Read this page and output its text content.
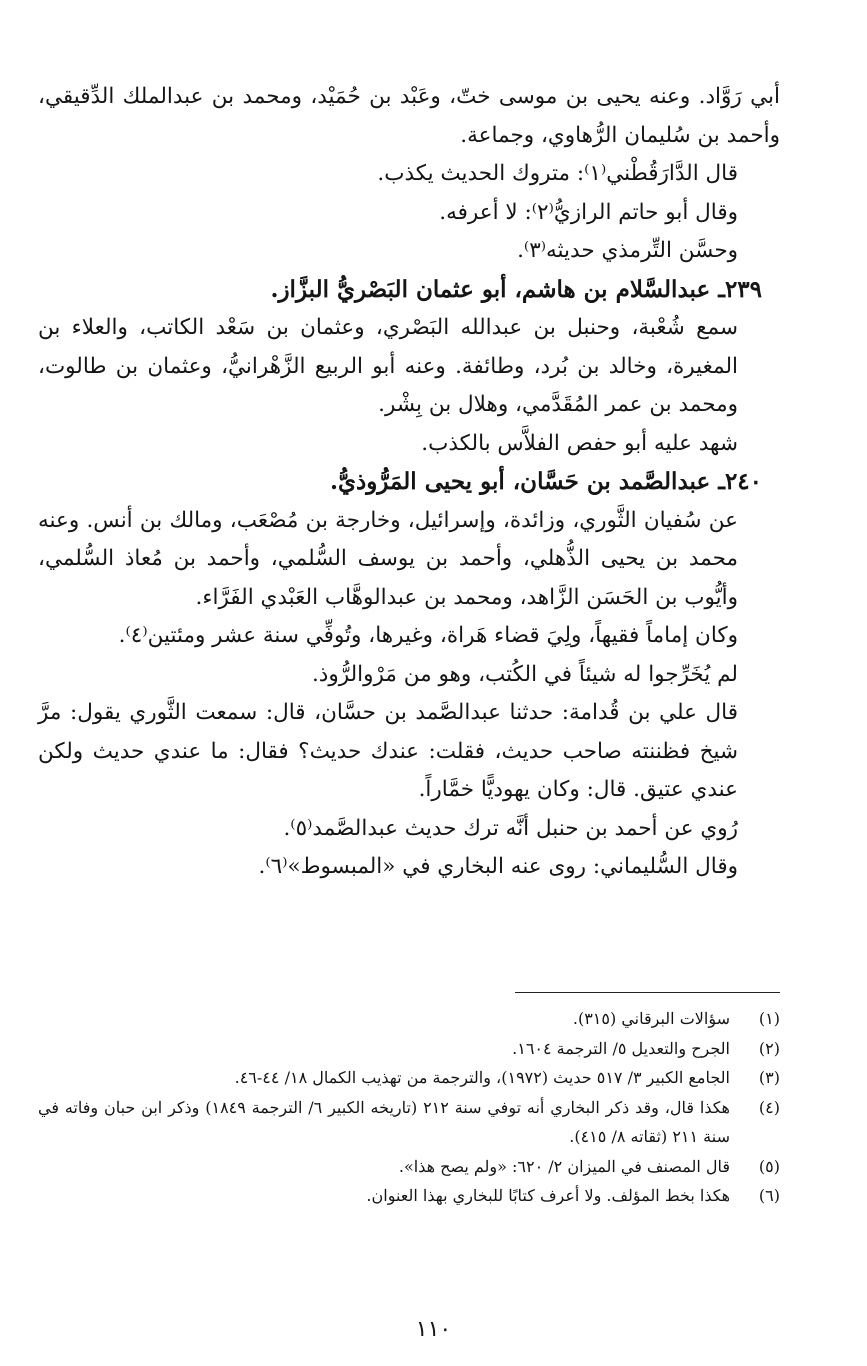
أبي رَوَّاد. وعنه يحيى بن موسى ختّ، وعَبْد بن حُمَيْد، ومحمد بن عبدالملك الدِّقيقي، وأحمد بن سُليمان الرُّهاوي، وجماعة.

قال الدَّارَقُطْني⁽١⁾: متروك الحديث يكذب.

وقال أبو حاتم الرازيُّ⁽٢⁾: لا أعرفه.

وحسَّن التِّرمذي حديثه⁽٣⁾.

٢٣٩ـ عبدالسَّلام بن هاشم، أبو عثمان البَصْريُّ البزَّاز.

سمع شُعْبة، وحنبل بن عبدالله البَصْري، وعثمان بن سَعْد الكاتب، والعلاء بن المغيرة، وخالد بن بُرد، وطائفة. وعنه أبو الربيع الزَّهْرانيُّ، وعثمان بن طالوت، ومحمد بن عمر المُقَدَّمي، وهلال بن بِشْر.

شهد عليه أبو حفص الفلاَّس بالكذب.

٢٤٠ـ عبدالصَّمد بن حَسَّان، أبو يحيى المَرُّوذيُّ.

عن سُفيان الثَّوري، وزائدة، وإسرائيل، وخارجة بن مُصْعَب، ومالك بن أنس. وعنه محمد بن يحيى الذُّهلي، وأحمد بن يوسف السُّلمي، وأحمد بن مُعاذ السُّلمي، وأيُّوب بن الحَسَن الزَّاهد، ومحمد بن عبدالوهَّاب العَبْدي الفَرَّاء.

وكان إماماً فقيهاً، ولِيَ قضاء هَراة، وغيرها، وتُوفِّي سنة عشر ومئتين⁽٤⁾.

لم يُخَرِّجوا له شيئاً في الكُتب، وهو من مَرْوالرُّوذ.

قال علي بن قُدامة: حدثنا عبدالصَّمد بن حسَّان، قال: سمعت الثَّوري يقول: مرَّ شيخ فظننته صاحب حديث، فقلت: عندك حديث؟ فقال: ما عندي حديث ولكن عندي عتيق. قال: وكان يهوديًّا خمَّاراً.

رُوي عن أحمد بن حنبل أنَّه ترك حديث عبدالصَّمد⁽٥⁾.

وقال السُّليماني: روى عنه البخاري في «المبسوط»⁽٦⁾.

(١)
سؤالات البرقاني (٣١٥).
(٢)
الجرح والتعديل ٥/ الترجمة ١٦٠٤.
(٣)
الجامع الكبير ٣/ ٥١٧ حديث (١٩٧٢)، والترجمة من تهذيب الكمال ١٨/ ٤٤-٤٦.
(٤)
هكذا قال، وقد ذكر البخاري أنه توفي سنة ٢١٢ (تاريخه الكبير ٦/ الترجمة ١٨٤٩) وذكر ابن حبان وفاته في سنة ٢١١ (ثقاته ٨/ ٤١٥).
(٥)
قال المصنف في الميزان ٢/ ٦٢٠: «ولم يصح هذا».
(٦)
هكذا بخط المؤلف. ولا أعرف كتابًا للبخاري بهذا العنوان.
١١٠
